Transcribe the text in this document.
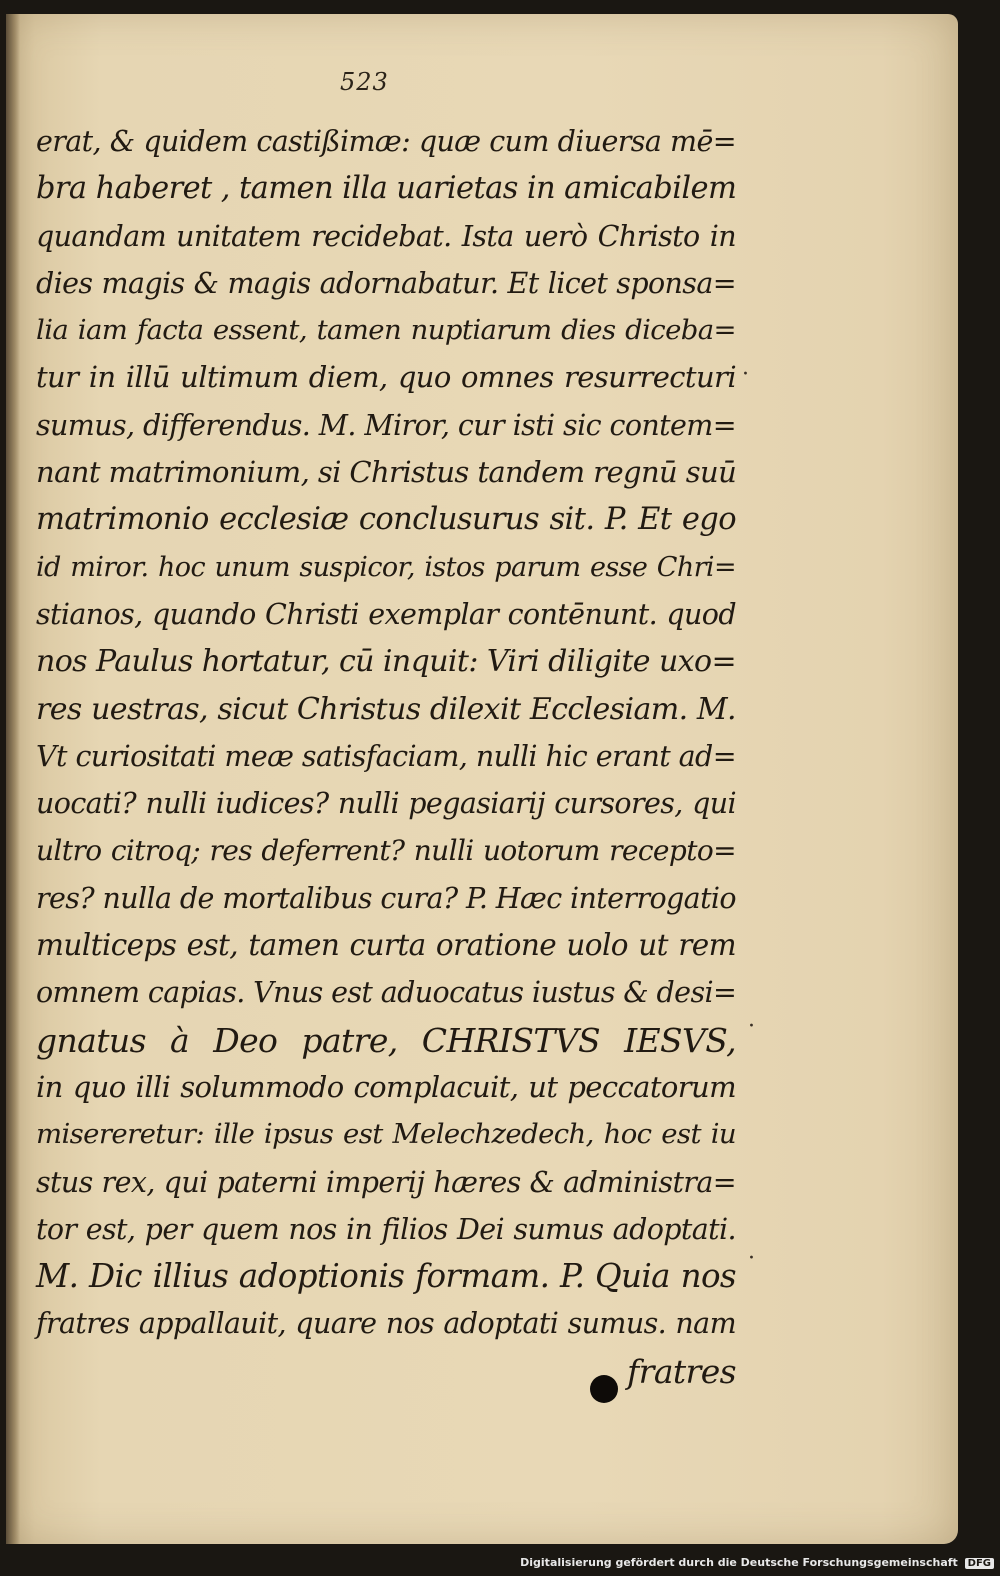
523
erat, & quidem castißimæ: quæ cum diuersa mē=
bra haberet , tamen illa uarietas in amicabilem
quandam unitatem recidebat. Ista uerò Christo in
dies magis & magis adornabatur. Et licet sponsa=
lia iam facta essent, tamen nuptiarum dies diceba=
tur in illū ultimum diem, quo omnes resurrecturi
sumus, differendus. M. Miror, cur isti sic contem=
nant matrimonium, si Christus tandem regnū suū
matrimonio ecclesiæ conclusurus sit. P. Et ego
id miror. hoc unum suspicor, istos parum esse Chri=
stianos, quando Christi exemplar contēnunt. quod
nos Paulus hortatur, cū inquit: Viri diligite uxo=
res uestras, sicut Christus dilexit Ecclesiam. M.
Vt curiositati meæ satisfaciam, nulli hic erant ad=
uocati? nulli iudices? nulli pegasiarij cursores, qui
ultro citroq; res deferrent? nulli uotorum recepto=
res? nulla de mortalibus cura? P. Hæc interrogatio
multiceps est, tamen curta oratione uolo ut rem
omnem capias. Vnus est aduocatus iustus & desi=
gnatus à Deo patre, CHRISTVS IESVS,
in quo illi solummodo complacuit, ut peccatorum
misereretur: ille ipsus est Melechzedech, hoc est iu
stus rex, qui paterni imperij hæres & administra=
tor est, per quem nos in filios Dei sumus adoptati.
M. Dic illius adoptionis formam. P. Quia nos
fratres appallauit, quare nos adoptati sumus. nam
fratres
·
·
·
Digitalisierung gefördert durch die Deutsche Forschungsgemeinschaft DFG
